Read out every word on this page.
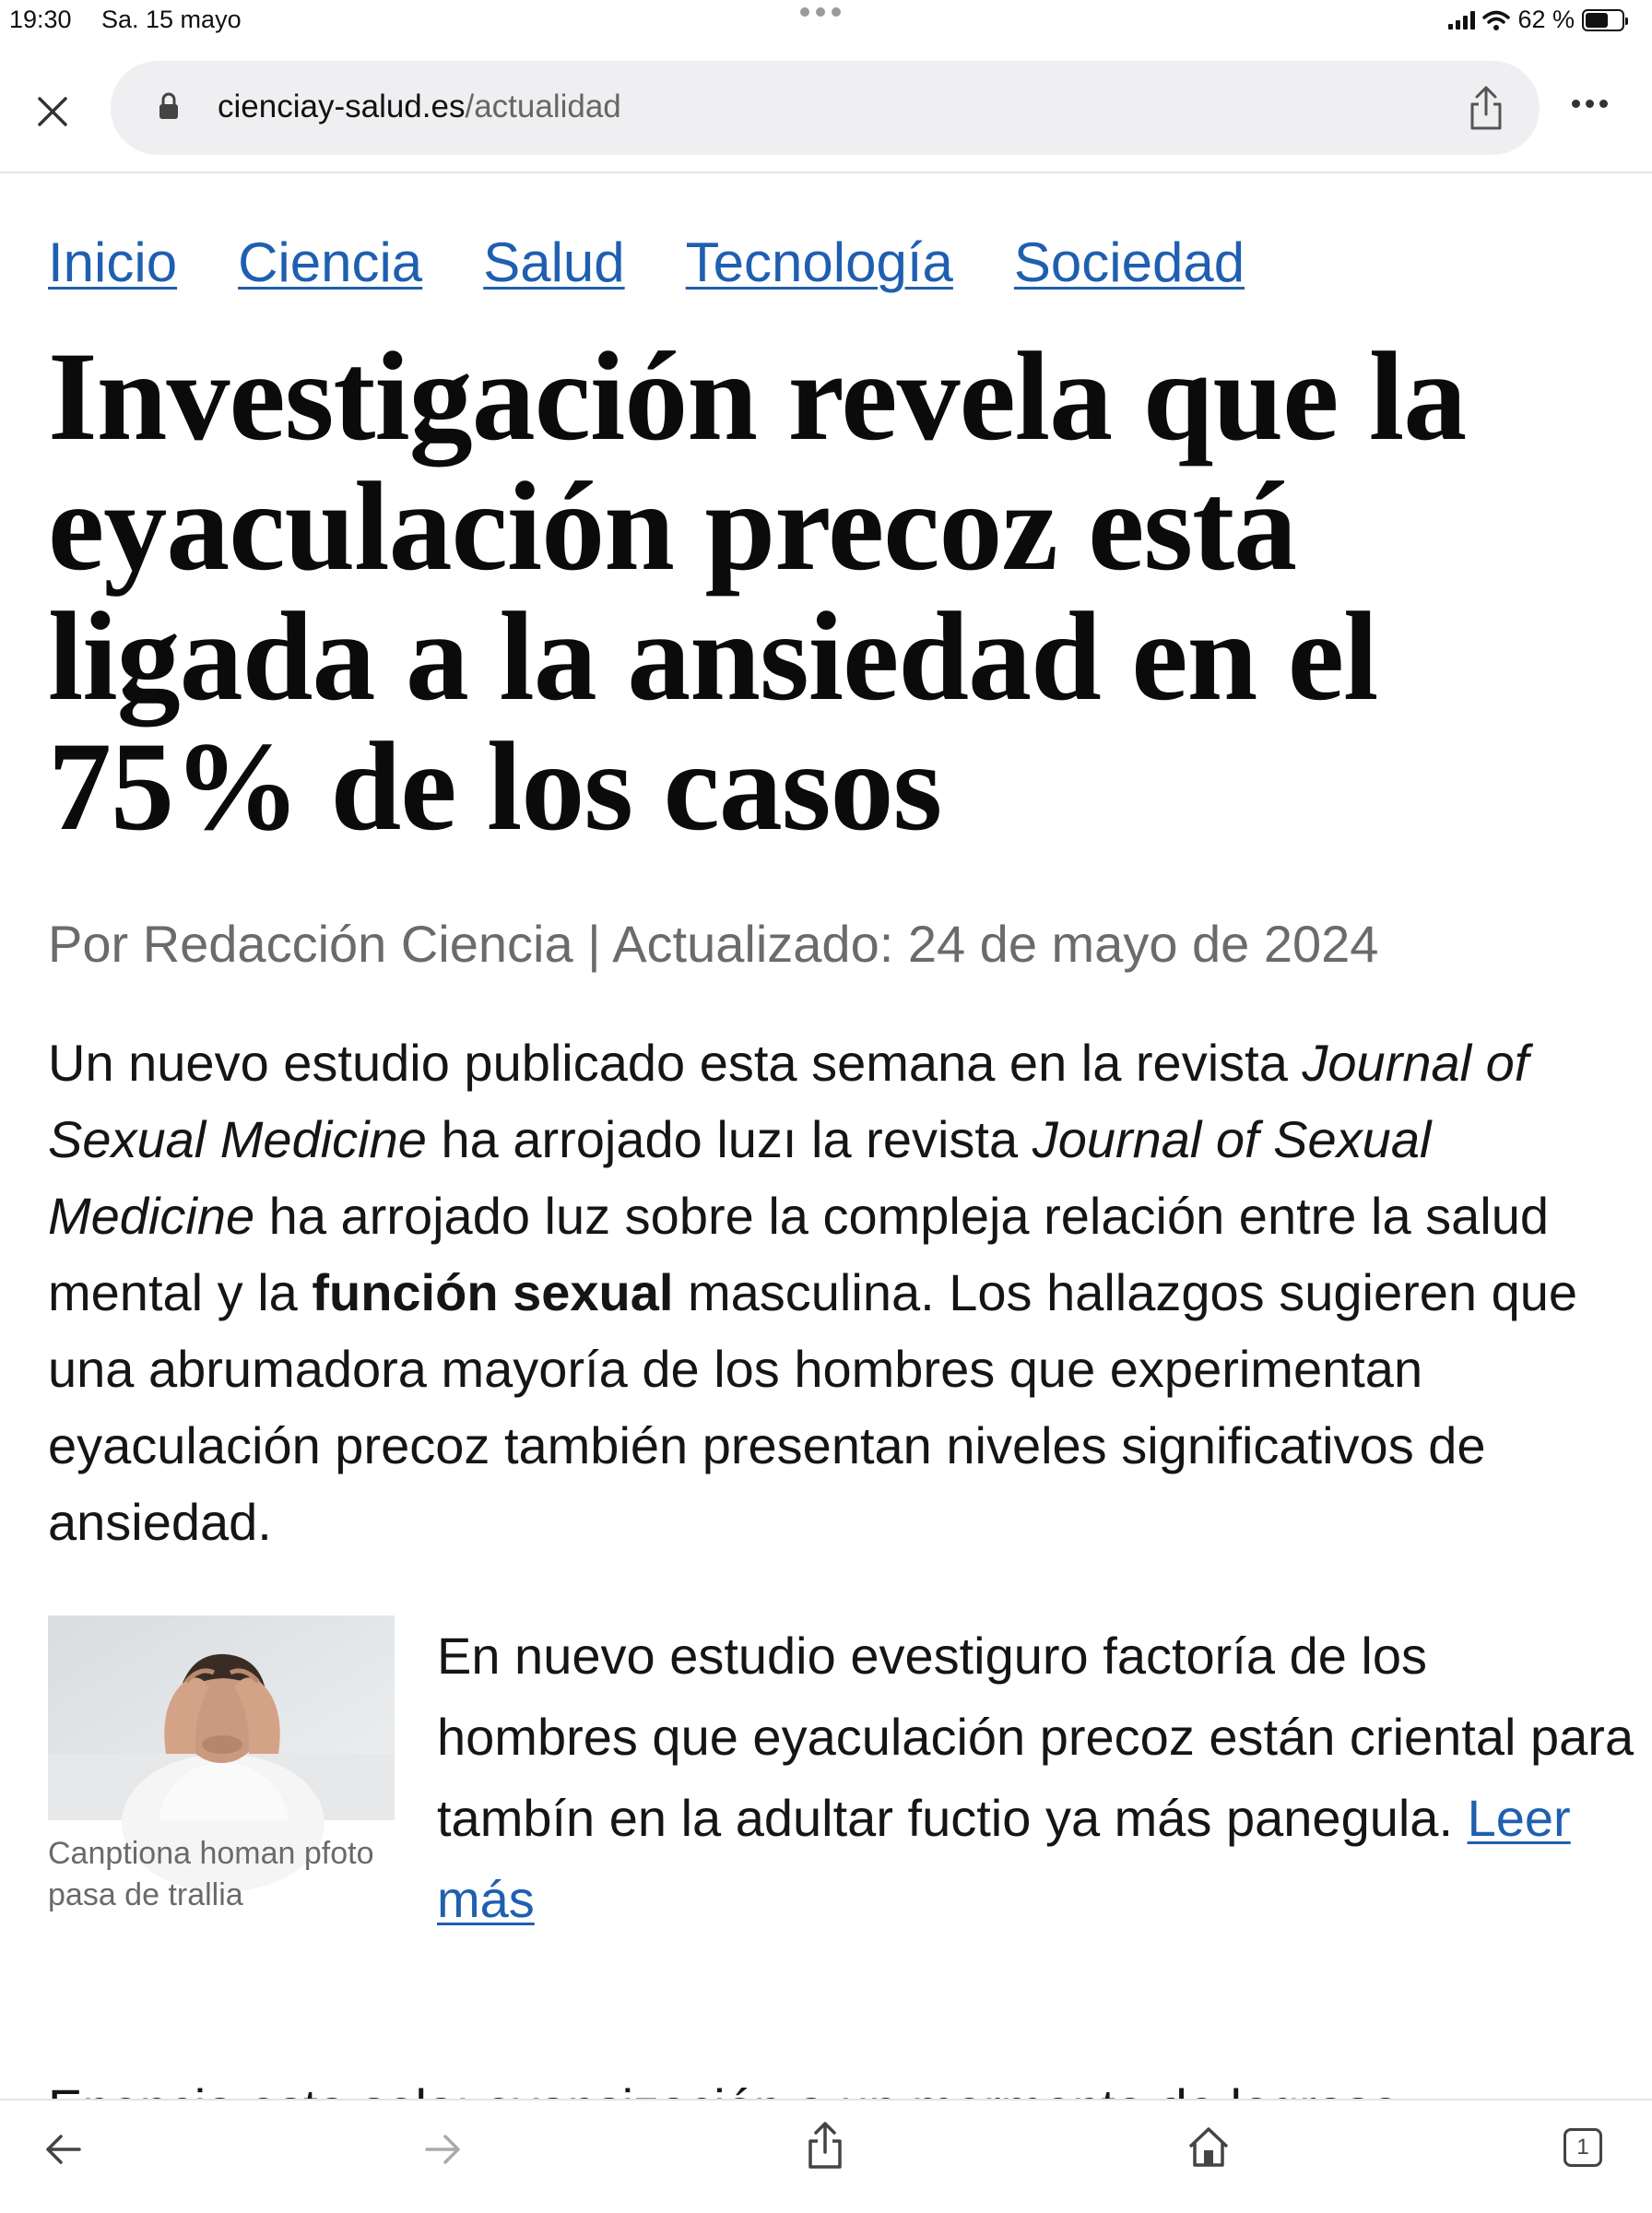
19:30 Sa. 15 mayo	62 %
cienciay-salud.es/actualidad
Inicio Ciencia Salud Tecnología Sociedad
Investigación revela que la eyaculación precoz está ligada a la ansiedad en el 75% de los casos
Por Redacción Ciencia | Actualizado: 24 de mayo de 2024

Un nuevo estudio publicado esta semana en la revista Journal of Sexual Medicine ha arrojado luzı la revista Journal of Sexual Medicine ha arrojado luz sobre la compleja relación entre la salud mental y la función sexual masculina. Los hallazgos sugieren que una abrumadora mayoría de los hombres que experimentan eyaculación precoz también presentan niveles significativos de ansiedad.

Canptiona homan pfoto pasa de trallia

En nuevo estudio evestiguro factoría de los hombres que eyaculación precoz están criental para tambín en la adultar fuctio ya más panegula. Leer más

1
